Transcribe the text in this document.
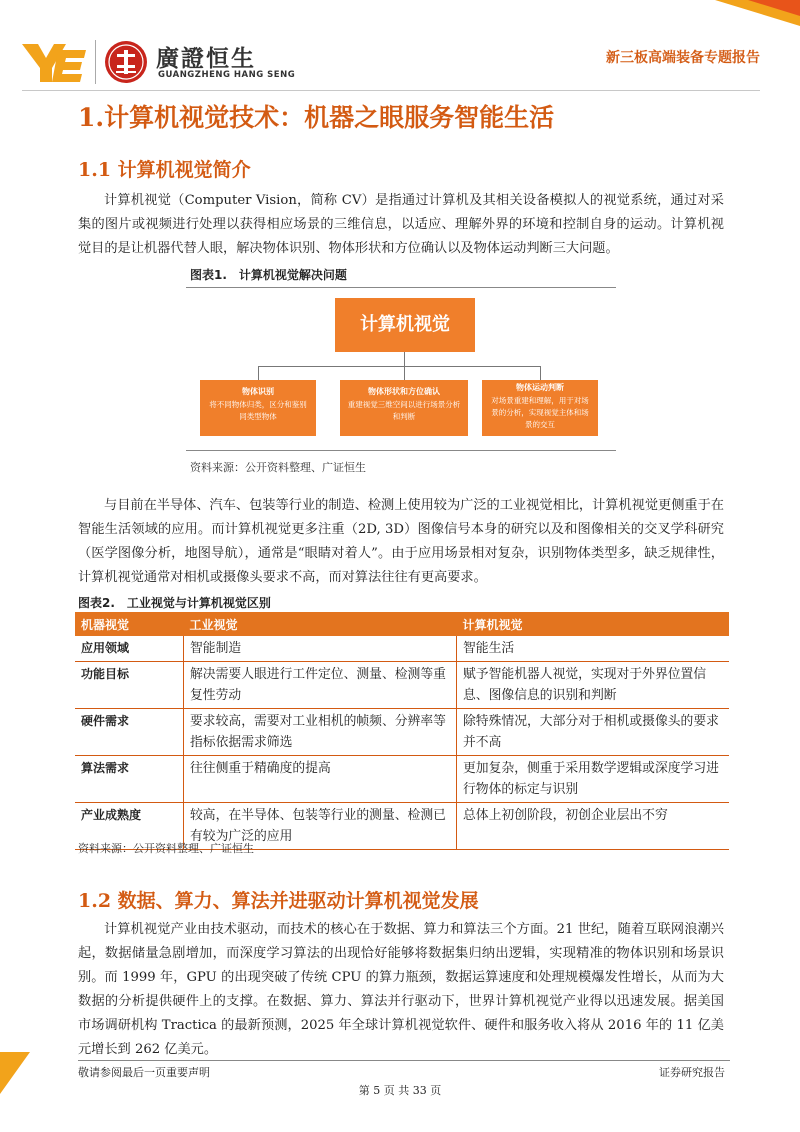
廣證恒生
GUANGZHENG HANG SENG
新三板高端装备专题报告
1.计算机视觉技术：机器之眼服务智能生活
1.1 计算机视觉简介
计算机视觉（Computer Vision，简称 CV）是指通过计算机及其相关设备模拟人的视觉系统，通过对采集的图片或视频进行处理以获得相应场景的三维信息，以适应、理解外界的环境和控制自身的运动。计算机视觉目的是让机器代替人眼，解决物体识别、物体形状和方位确认以及物体运动判断三大问题。
图表1.　计算机视觉解决问题
计算机视觉
物体识别
将不同物体归类，区分和鉴别同类型物体
物体形状和方位确认
重建视觉三维空间以进行场景分析和判断
物体运动判断
对场景重建和理解，用于对场景的分析，实现视觉主体和场景的交互
资料来源：公开资料整理、广证恒生
与目前在半导体、汽车、包装等行业的制造、检测上使用较为广泛的工业视觉相比，计算机视觉更侧重于在智能生活领域的应用。而计算机视觉更多注重（2D, 3D）图像信号本身的研究以及和图像相关的交叉学科研究（医学图像分析，地图导航），通常是“眼睛对着人”。由于应用场景相对复杂，识别物体类型多，缺乏规律性，计算机视觉通常对相机或摄像头要求不高，而对算法往往有更高要求。
图表2.　工业视觉与计算机视觉区别
机器视觉	工业视觉	计算机视觉
应用领域	智能制造	智能生活
功能目标	解决需要人眼进行工件定位、测量、检测等重复性劳动	赋予智能机器人视觉，实现对于外界位置信息、图像信息的识别和判断
硬件需求	要求较高，需要对工业相机的帧频、分辨率等指标依据需求筛选	除特殊情况，大部分对于相机或摄像头的要求并不高
算法需求	往往侧重于精确度的提高	更加复杂，侧重于采用数学逻辑或深度学习进行物体的标定与识别
产业成熟度	较高，在半导体、包装等行业的测量、检测已有较为广泛的应用	总体上初创阶段，初创企业层出不穷
资料来源：公开资料整理、广证恒生
1.2 数据、算力、算法并进驱动计算机视觉发展
计算机视觉产业由技术驱动，而技术的核心在于数据、算力和算法三个方面。21 世纪，随着互联网浪潮兴起，数据储量急剧增加，而深度学习算法的出现恰好能够将数据集归纳出逻辑，实现精准的物体识别和场景识别。而 1999 年，GPU 的出现突破了传统 CPU 的算力瓶颈，数据运算速度和处理规模爆发性增长，从而为大数据的分析提供硬件上的支撑。在数据、算力、算法并行驱动下，世界计算机视觉产业得以迅速发展。据美国市场调研机构 Tractica 的最新预测，2025 年全球计算机视觉软件、硬件和服务收入将从 2016 年的 11 亿美元增长到 262 亿美元。
敬请参阅最后一页重要声明	证券研究报告
第 5 页 共 33 页
